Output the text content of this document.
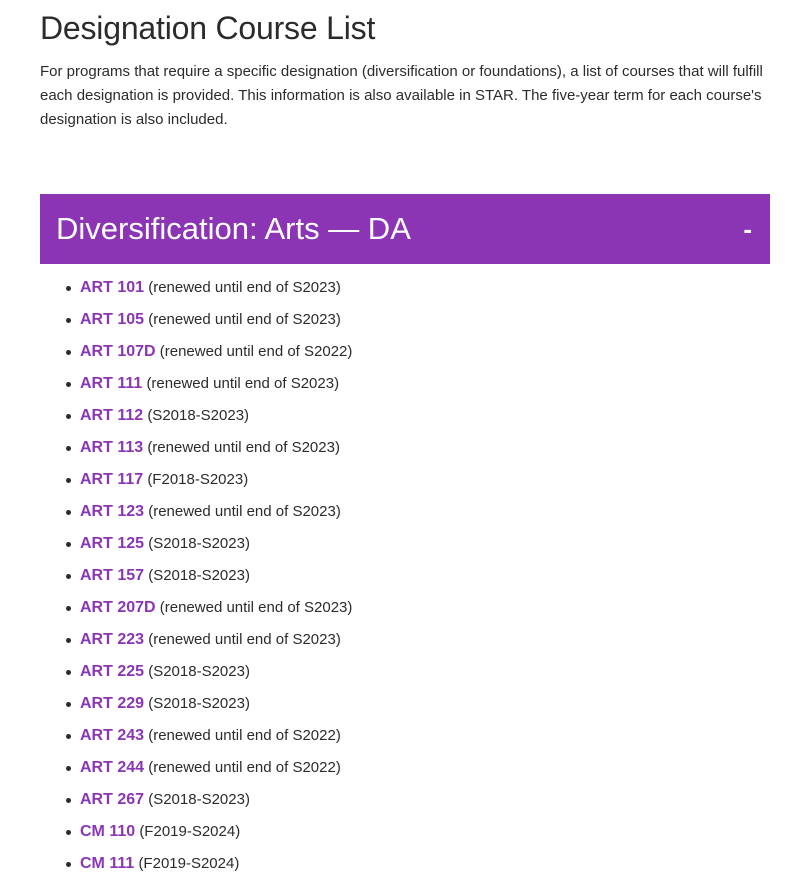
Designation Course List

For programs that require a specific designation (diversification or foundations), a list of courses that will fulfill each designation is provided. This information is also available in STAR. The five-year term for each course's designation is also included.

Diversification: Arts — DA	-
ART 101 (renewed until end of S2023)
ART 105 (renewed until end of S2023)
ART 107D (renewed until end of S2022)
ART 111 (renewed until end of S2023)
ART 112 (S2018-S2023)
ART 113 (renewed until end of S2023)
ART 117 (F2018-S2023)
ART 123 (renewed until end of S2023)
ART 125 (S2018-S2023)
ART 157 (S2018-S2023)
ART 207D (renewed until end of S2023)
ART 223 (renewed until end of S2023)
ART 225 (S2018-S2023)
ART 229 (S2018-S2023)
ART 243 (renewed until end of S2022)
ART 244 (renewed until end of S2022)
ART 267 (S2018-S2023)
CM 110 (F2019-S2024)
CM 111 (F2019-S2024)
